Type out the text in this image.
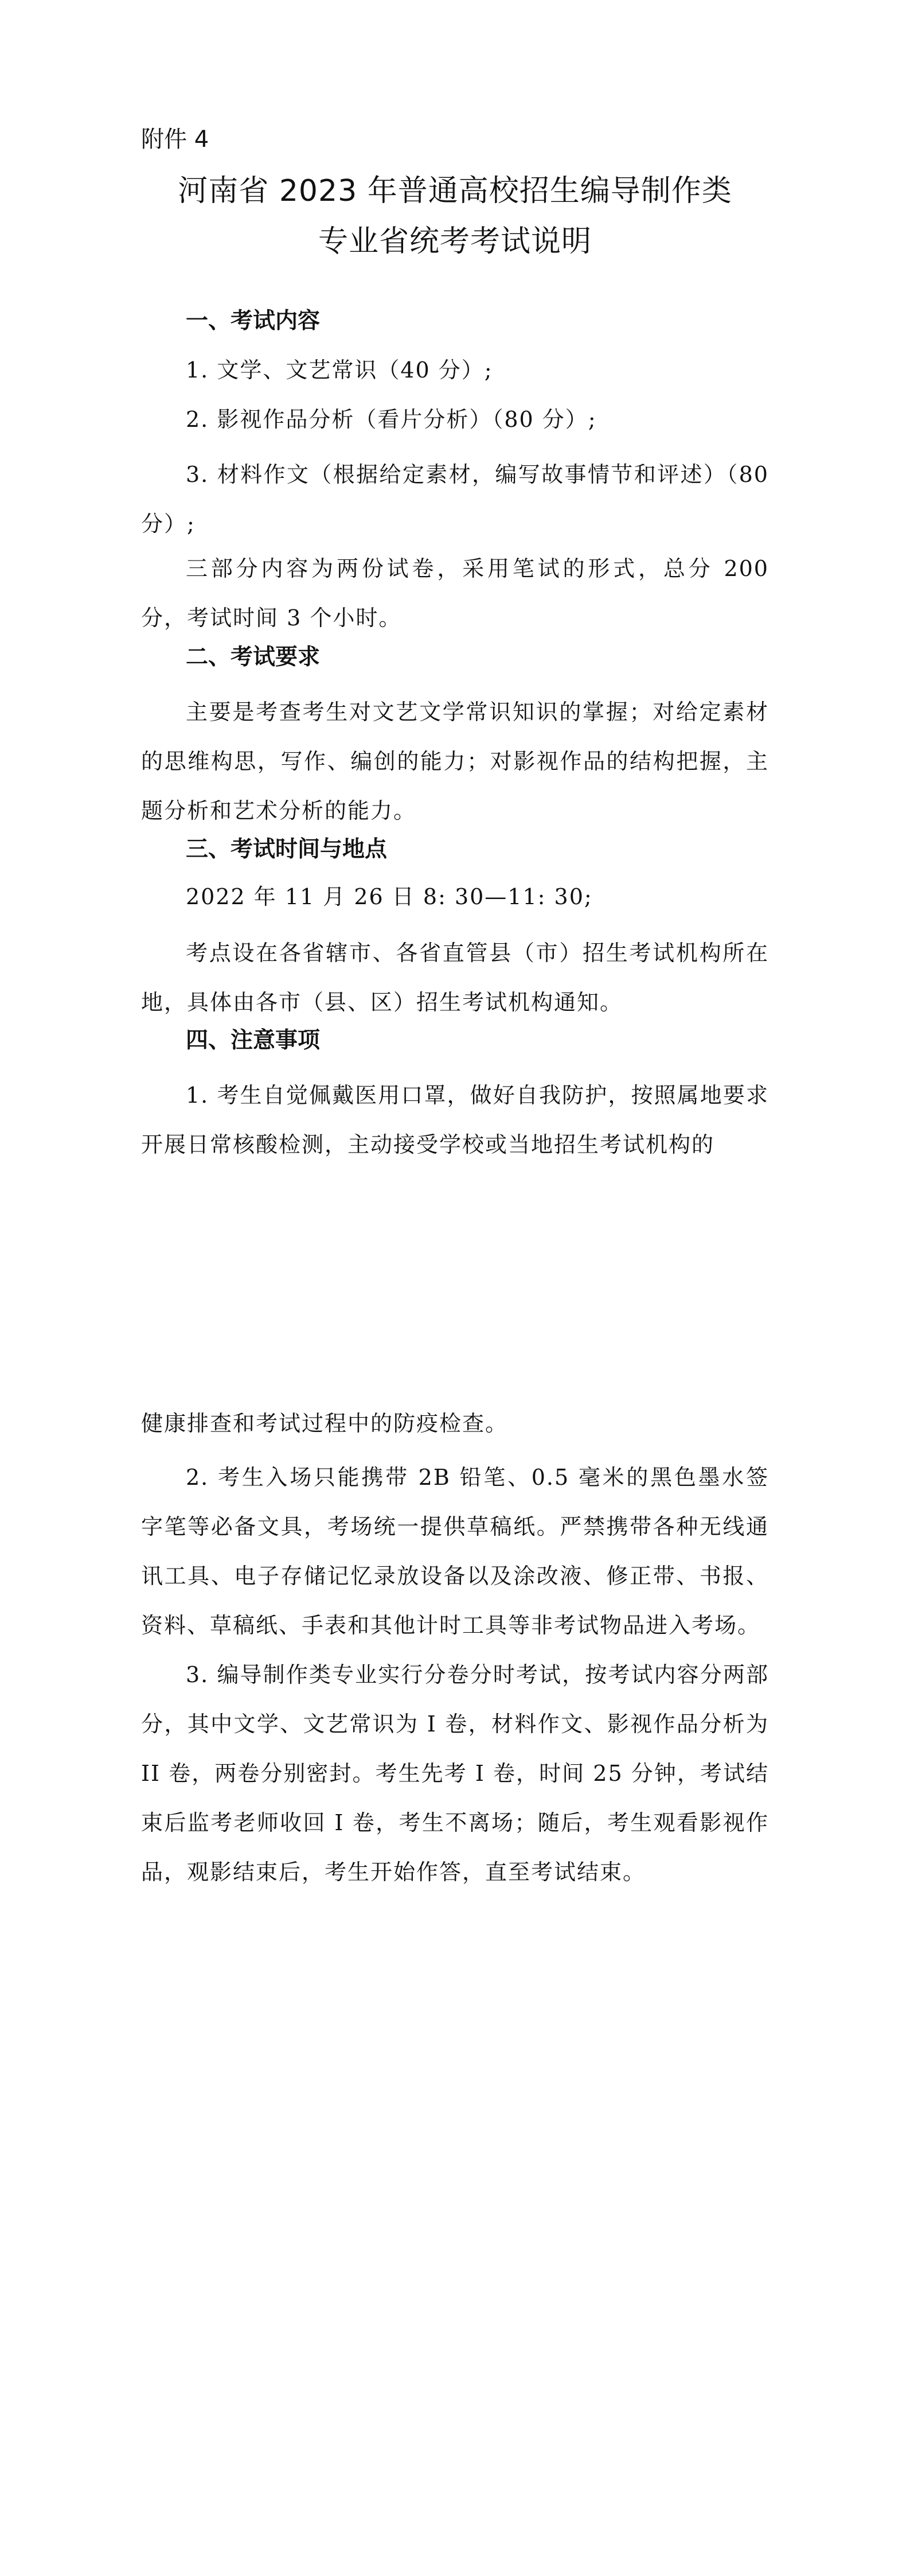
附件 4

河南省 2023 年普通高校招生编导制作类
专业省统考考试说明
一、考试内容

1. 文学、文艺常识（40 分）;

2. 影视作品分析（看片分析）（80 分）;

3. 材料作文（根据给定素材，编写故事情节和评述）（80 分）;

三部分内容为两份试卷，采用笔试的形式，总分 200 分，考试时间 3 个小时。

二、考试要求

主要是考查考生对文艺文学常识知识的掌握；对给定素材的思维构思，写作、编创的能力；对影视作品的结构把握，主题分析和艺术分析的能力。

三、考试时间与地点

2022 年 11 月 26 日 8: 30—11: 30;

考点设在各省辖市、各省直管县（市）招生考试机构所在地，具体由各市（县、区）招生考试机构通知。

四、注意事项

1. 考生自觉佩戴医用口罩，做好自我防护，按照属地要求开展日常核酸检测，主动接受学校或当地招生考试机构的

健康排查和考试过程中的防疫检查。

2. 考生入场只能携带 2B 铅笔、0.5 毫米的黑色墨水签字笔等必备文具，考场统一提供草稿纸。严禁携带各种无线通讯工具、电子存储记忆录放设备以及涂改液、修正带、书报、资料、草稿纸、手表和其他计时工具等非考试物品进入考场。

3. 编导制作类专业实行分卷分时考试，按考试内容分两部分，其中文学、文艺常识为 I 卷，材料作文、影视作品分析为 II 卷，两卷分别密封。考生先考 I 卷，时间 25 分钟，考试结束后监考老师收回 I 卷，考生不离场；随后，考生观看影视作品，观影结束后，考生开始作答，直至考试结束。
